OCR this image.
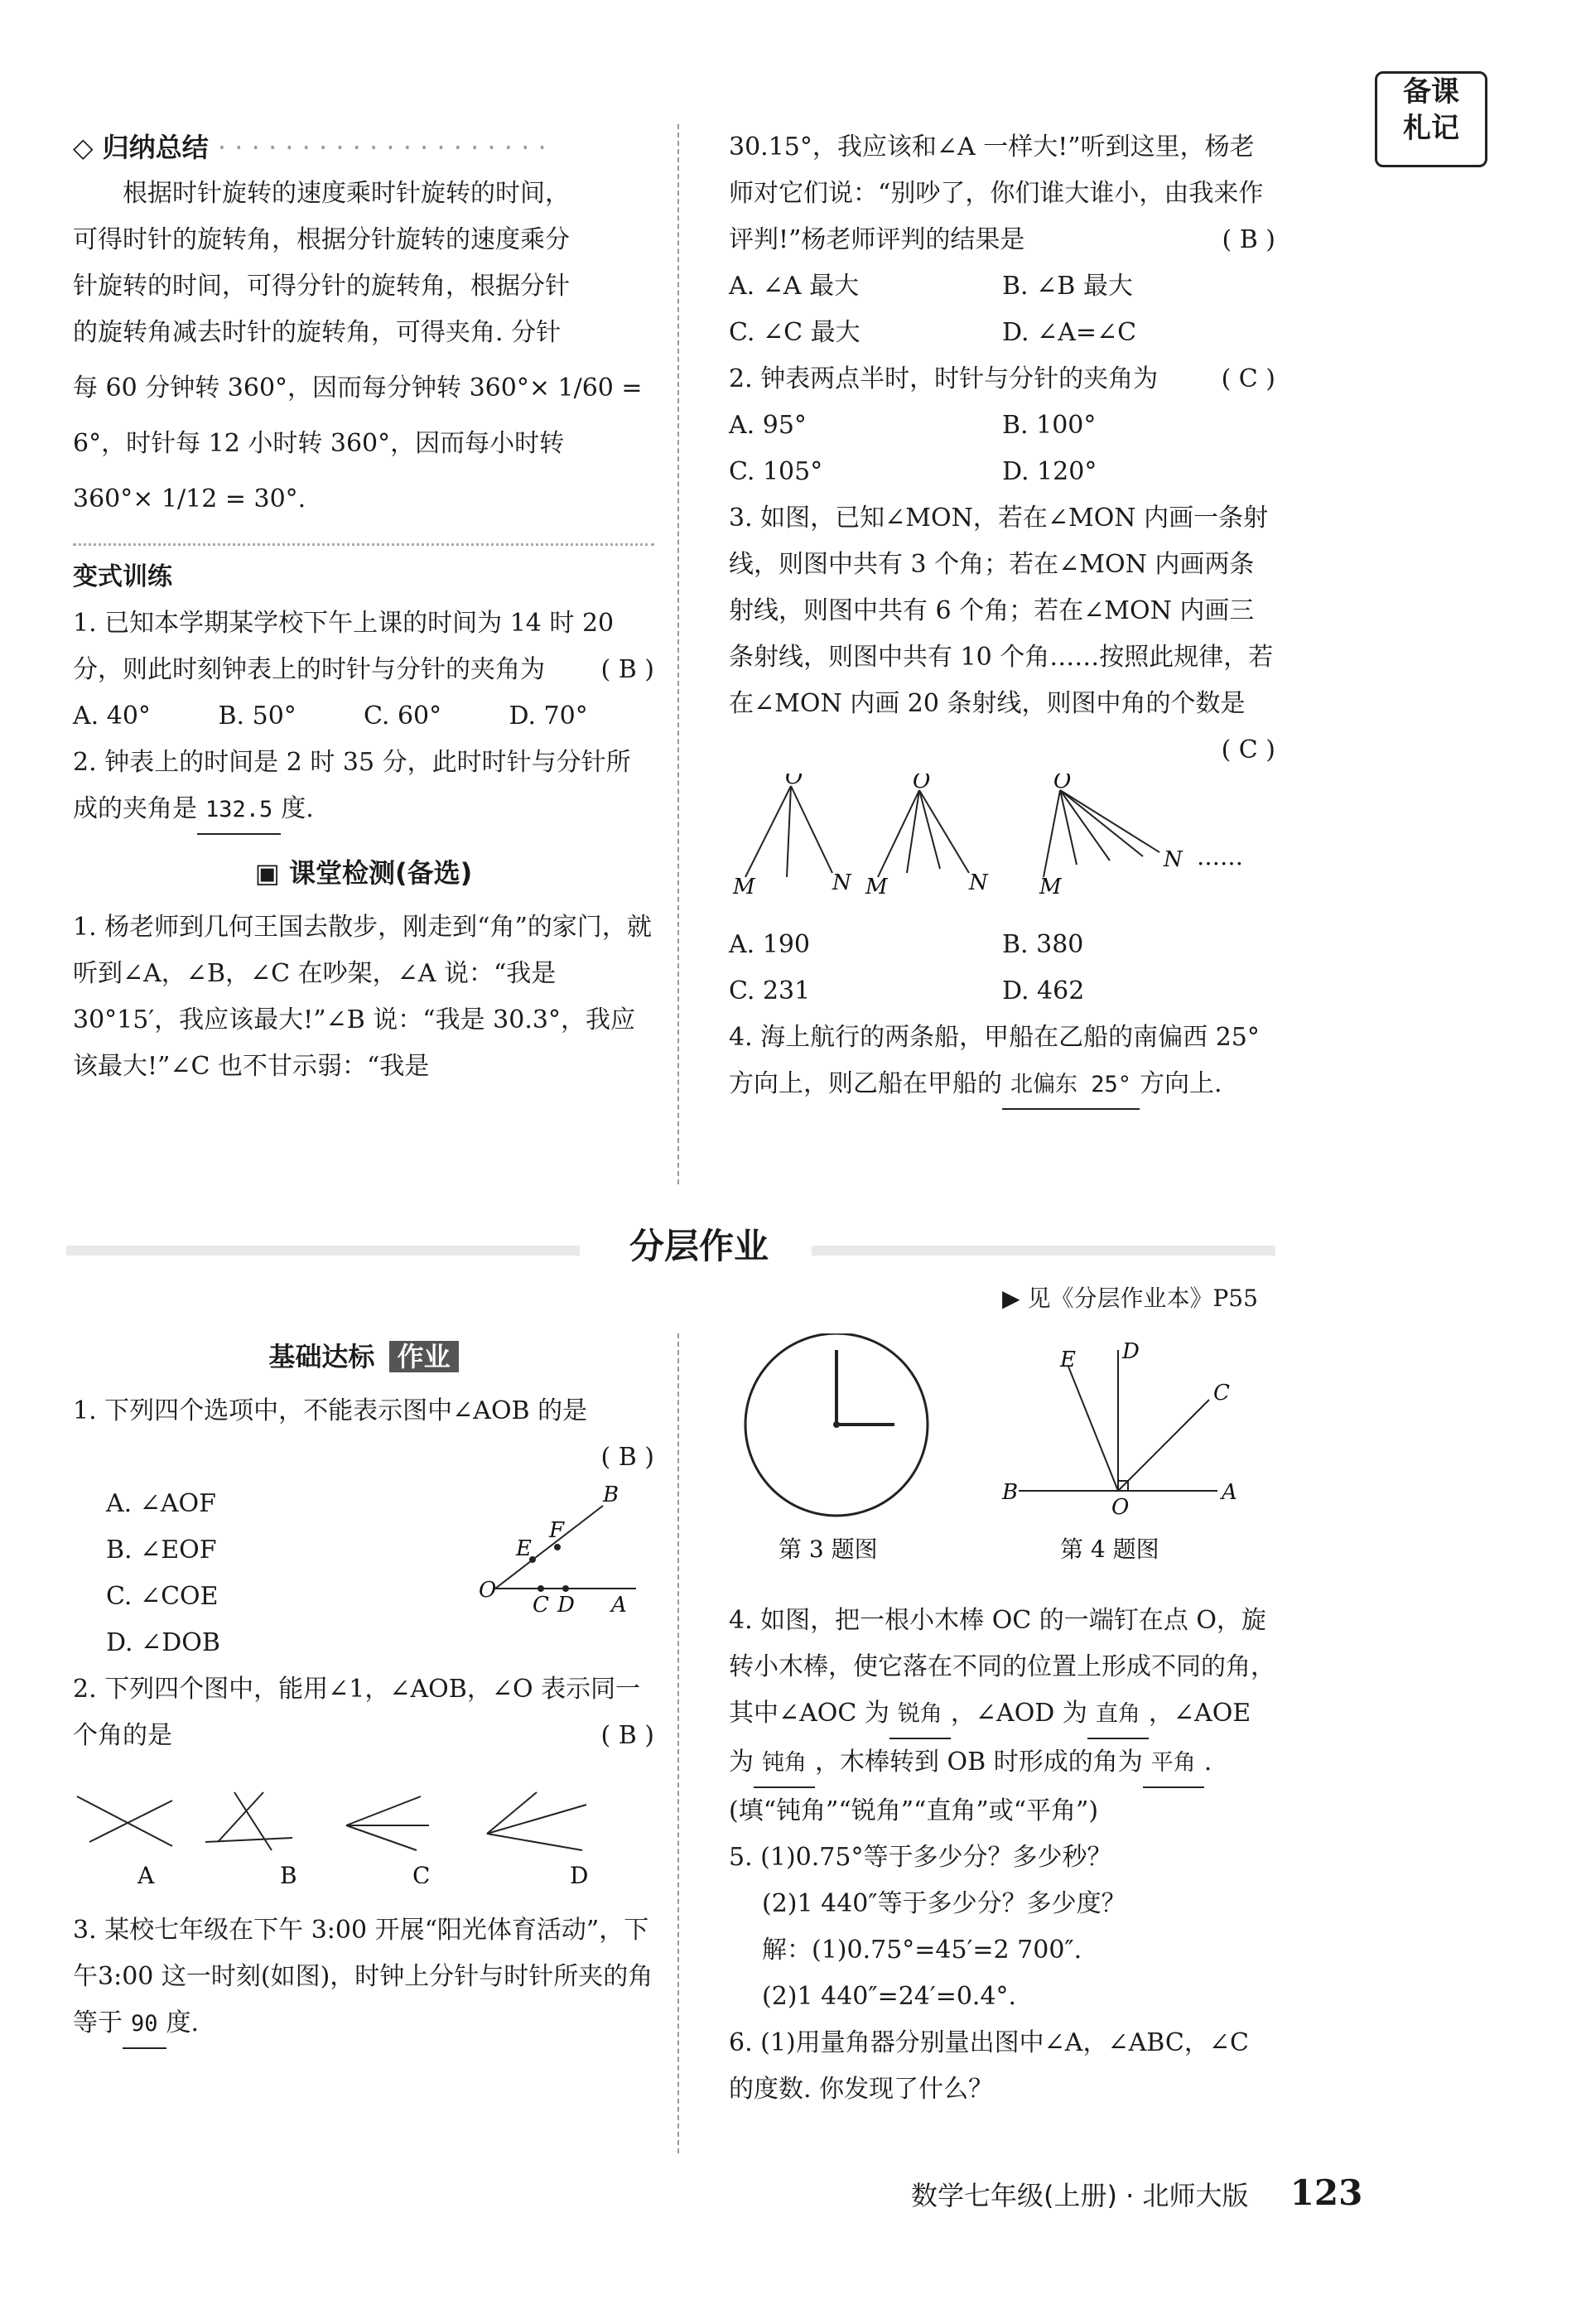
备课
札记
◇ 归纳总结 · · · · · · · · · · · · · · · · · · · ·

根据时针旋转的速度乘时针旋转的时间，

可得时针的旋转角，根据分针旋转的速度乘分

针旋转的时间，可得分针的旋转角，根据分针

的旋转角减去时针的旋转角，可得夹角. 分针

每 60 分钟转 360°，因而每分钟转 360°× 1/60 =

6°，时针每 12 小时转 360°，因而每小时转

360°× 1/12 = 30°.

变式训练

1. 已知本学期某学校下午上课的时间为 14 时 20 分，则此时刻钟表上的时针与分针的夹角为 ( B )

A. 40°	B. 50°	C. 60°	D. 70°

2. 钟表上的时间是 2 时 35 分，此时时针与分针所成的夹角是 132.5 度.

▣ 课堂检测(备选)

1. 杨老师到几何王国去散步，刚走到“角”的家门，就听到∠A，∠B，∠C 在吵架，∠A 说：“我是 30°15′，我应该最大!”∠B 说：“我是 30.3°，我应该最大!”∠C 也不甘示弱：“我是

30.15°，我应该和∠A 一样大!”听到这里，杨老师对它们说：“别吵了，你们谁大谁小，由我来作评判!”杨老师评判的结果是	( B )

A. ∠A 最大	B. ∠B 最大
C. ∠C 最大	D. ∠A=∠C

2. 钟表两点半时，时针与分针的夹角为	( C )

A. 95°	B. 100°
C. 105°	D. 120°

3. 如图，已知∠MON，若在∠MON 内画一条射线，则图中共有 3 个角；若在∠MON 内画两条射线，则图中共有 6 个角；若在∠MON 内画三条射线，则图中共有 10 个角……按照此规律，若在∠MON 内画 20 条射线，则图中角的个数是
( C )

O
M	N
O
M	N
O
M
N ……
A. 190	B. 380
C. 231	D. 462

4. 海上航行的两条船，甲船在乙船的南偏西 25°方向上，则乙船在甲船的 北偏东 25° 方向上.

分层作业
▶ 见《分层作业本》P55
基础达标 作业

1. 下列四个选项中，不能表示图中∠AOB 的是

( B )

A. ∠AOF

B. ∠EOF

C. ∠COE

D. ∠DOB

O
C D A
E
F
B

2. 下列四个图中，能用∠1，∠AOB，∠O 表示同一个角的是	( B )

A	B	C	D

3. 某校七年级在下午 3:00 开展“阳光体育活动”，下午3:00 这一时刻(如图)，时钟上分针与时针所夹的角等于 90 度.

第 3 题图
E D
C
B
O
A
第 4 题图

4. 如图，把一根小木棒 OC 的一端钉在点 O，旋转小木棒，使它落在不同的位置上形成不同的角，其中∠AOC 为 锐角 ，∠AOD 为 直角 ，∠AOE 为 钝角 ，木棒转到 OB 时形成的角为 平角 .(填“钝角”“锐角”“直角”或“平角”)

5. (1)0.75°等于多少分？多少秒？

(2)1 440″等于多少分？多少度？

解：(1)0.75°=45′=2 700″.

(2)1 440″=24′=0.4°.

6. (1)用量角器分别量出图中∠A，∠ABC，∠C 的度数. 你发现了什么？

数学七年级(上册) · 北师大版 123
